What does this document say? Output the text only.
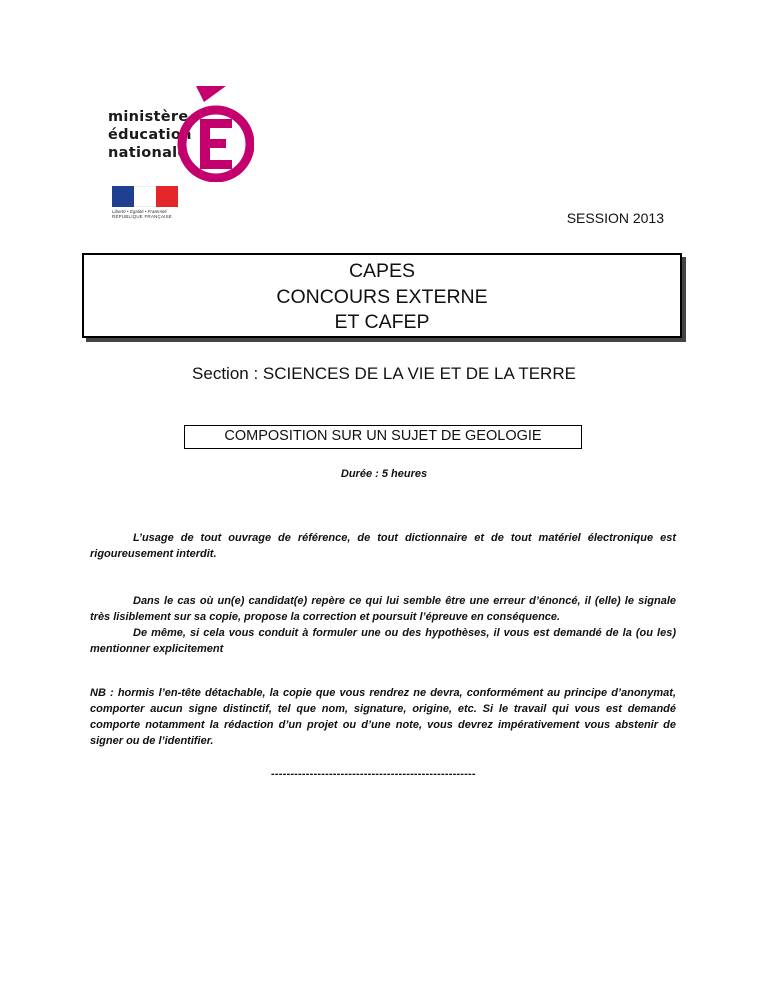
ministère
éducation
nationale
Liberté • Égalité • Fraternité
RÉPUBLIQUE FRANÇAISE	SESSION 2013
CAPES
CONCOURS EXTERNE
ET CAFEP
Section : SCIENCES DE LA VIE ET DE LA TERRE
COMPOSITION SUR UN SUJET DE GEOLOGIE
Durée : 5 heures
L’usage de tout ouvrage de référence, de tout dictionnaire et de tout matériel électronique est rigoureusement interdit.
Dans le cas où un(e) candidat(e) repère ce qui lui semble être une erreur d’énoncé, il (elle) le signale très lisiblement sur sa copie, propose la correction et poursuit l’épreuve en conséquence.
De même, si cela vous conduit à formuler une ou des hypothèses, il vous est demandé de la (ou les) mentionner explicitement
NB : hormis l’en-tête détachable, la copie que vous rendrez ne devra, conformément au principe d’anonymat, comporter aucun signe distinctif, tel que nom, signature, origine, etc. Si le travail qui vous est demandé comporte notamment la rédaction d’un projet ou d’une note, vous devrez impérativement vous abstenir de signer ou de l’identifier.
-----------------------------------------------------
